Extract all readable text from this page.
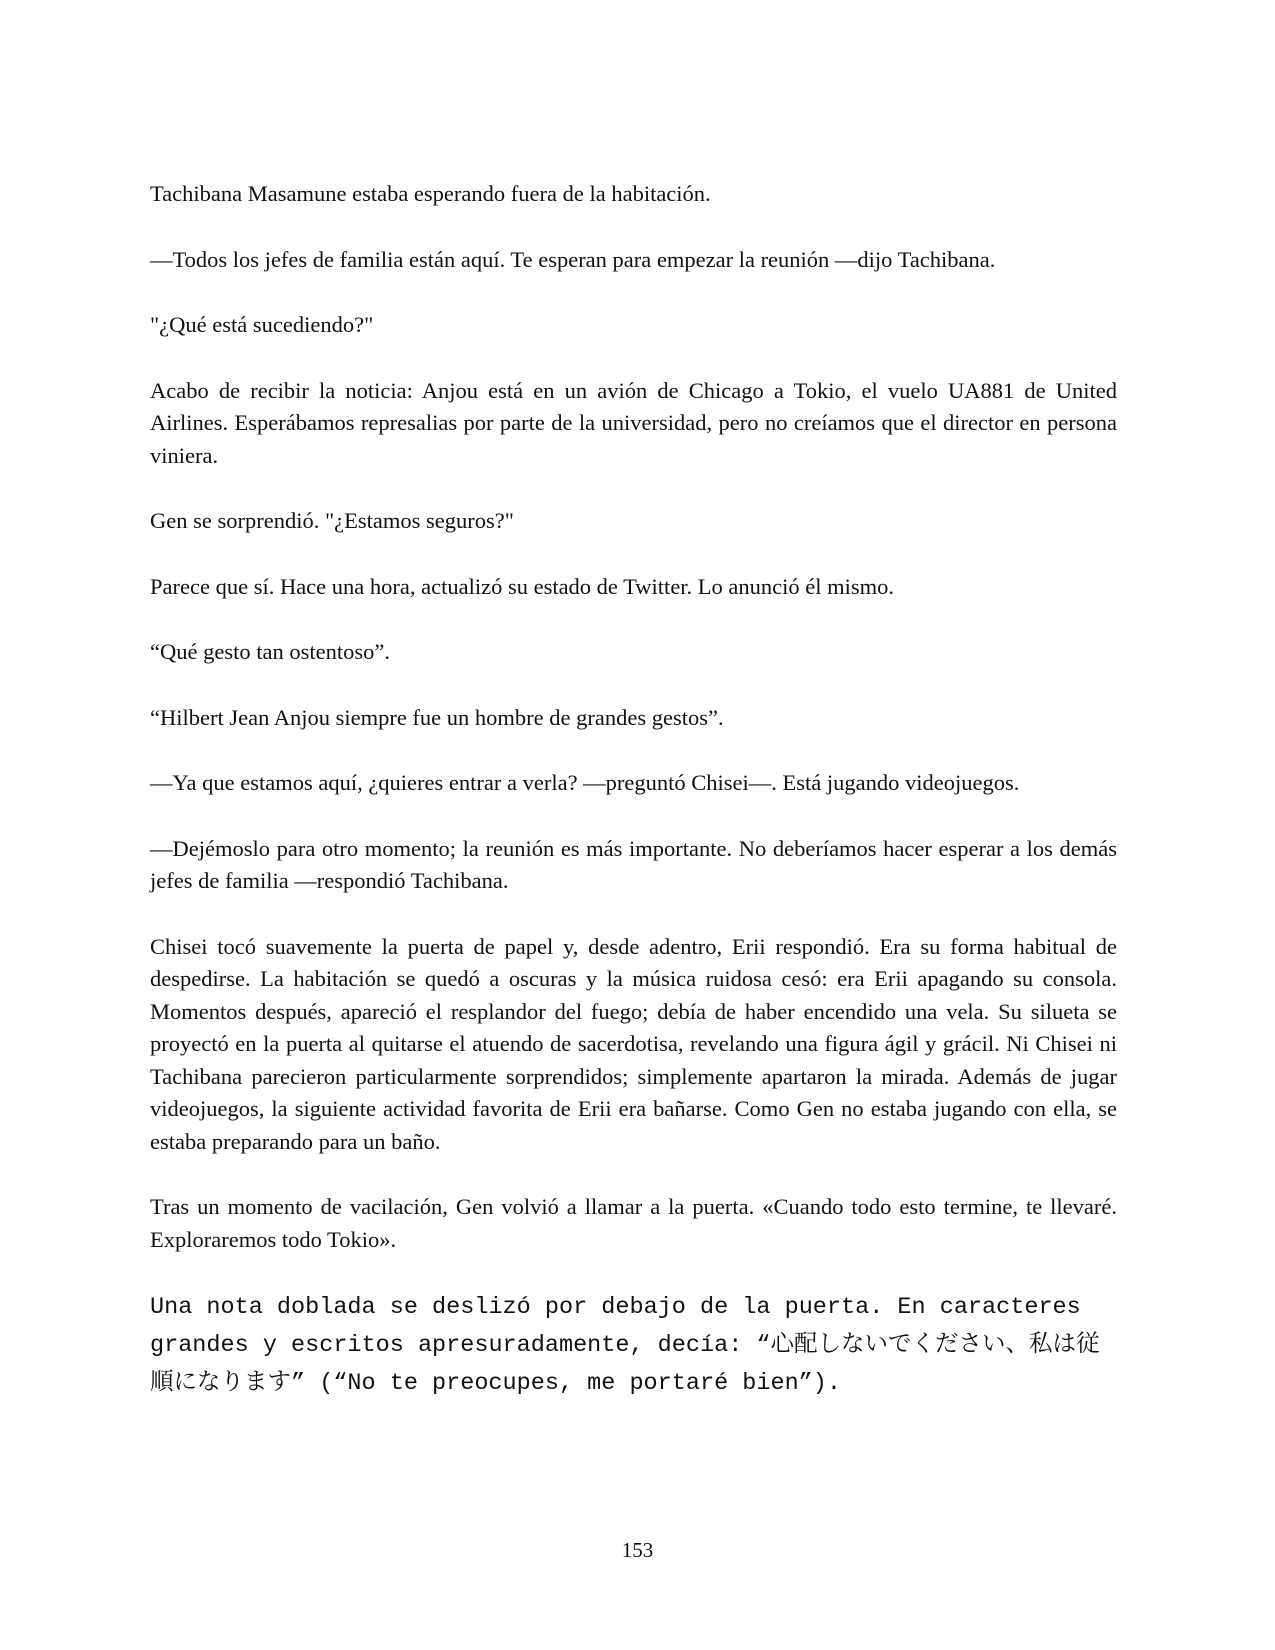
Tachibana Masamune estaba esperando fuera de la habitación.

—Todos los jefes de familia están aquí. Te esperan para empezar la reunión —dijo Tachibana.

"¿Qué está sucediendo?"

Acabo de recibir la noticia: Anjou está en un avión de Chicago a Tokio, el vuelo UA881 de United Airlines. Esperábamos represalias por parte de la universidad, pero no creíamos que el director en persona viniera.

Gen se sorprendió. "¿Estamos seguros?"

Parece que sí. Hace una hora, actualizó su estado de Twitter. Lo anunció él mismo.

“Qué gesto tan ostentoso”.

“Hilbert Jean Anjou siempre fue un hombre de grandes gestos”.

—Ya que estamos aquí, ¿quieres entrar a verla? —preguntó Chisei—. Está jugando videojuegos.

—Dejémoslo para otro momento; la reunión es más importante. No deberíamos hacer esperar a los demás jefes de familia —respondió Tachibana.

Chisei tocó suavemente la puerta de papel y, desde adentro, Erii respondió. Era su forma habitual de despedirse. La habitación se quedó a oscuras y la música ruidosa cesó: era Erii apagando su consola. Momentos después, apareció el resplandor del fuego; debía de haber encendido una vela. Su silueta se proyectó en la puerta al quitarse el atuendo de sacerdotisa, revelando una figura ágil y grácil. Ni Chisei ni Tachibana parecieron particularmente sorprendidos; simplemente apartaron la mirada. Además de jugar videojuegos, la siguiente actividad favorita de Erii era bañarse. Como Gen no estaba jugando con ella, se estaba preparando para un baño.

Tras un momento de vacilación, Gen volvió a llamar a la puerta. «Cuando todo esto termine, te llevaré. Exploraremos todo Tokio».

Una nota doblada se deslizó por debajo de la puerta. En caracteres grandes y escritos apresuradamente, decía: “心配しないでください、私は従順になります” (“No te preocupes, me portaré bien”).

153
